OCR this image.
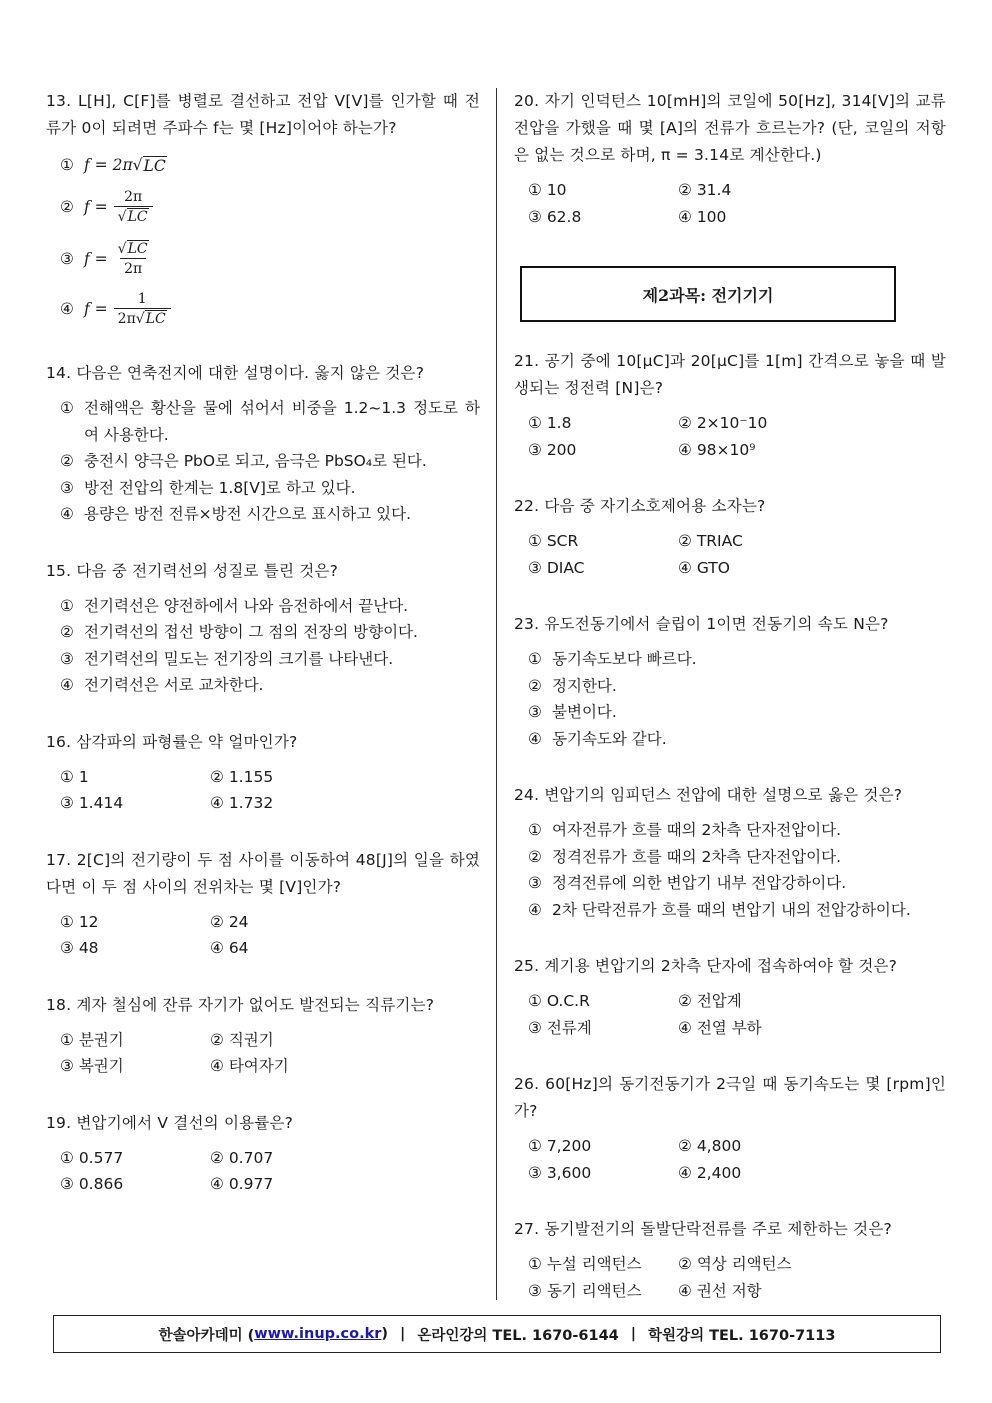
13. L[H], C[F]를 병렬로 결선하고 전압 V[V]를 인가할 때 전류가 0이 되려면 주파수 f는 몇 [Hz]이어야 하는가?
① f = 2π √ LC
② $f = \frac{2\pi}{√LC}$
③ $f = \frac{√LC}{2\pi}$
④ $f = \frac{1}{2\pi√LC}$
14. 다음은 연축전지에 대한 설명이다. 옳지 않은 것은?
① 전해액은 황산을 물에 섞어서 비중을 1.2~1.3 정도로 하여 사용한다.
② 충전시 양극은 PbO로 되고, 음극은 PbSO₄로 된다.
③ 방전 전압의 한계는 1.8[V]로 하고 있다.
④ 용량은 방전 전류×방전 시간으로 표시하고 있다.
15. 다음 중 전기력선의 성질로 틀린 것은?
① 전기력선은 양전하에서 나와 음전하에서 끝난다.
② 전기력선의 접선 방향이 그 점의 전장의 방향이다.
③ 전기력선의 밀도는 전기장의 크기를 나타낸다.
④ 전기력선은 서로 교차한다.
16. 삼각파의 파형률은 약 얼마인가?
① 1	② 1.155
③ 1.414	④ 1.732
17. 2[C]의 전기량이 두 점 사이를 이동하여 48[J]의 일을 하였다면 이 두 점 사이의 전위차는 몇 [V]인가?
① 12	② 24
③ 48	④ 64
18. 계자 철심에 잔류 자기가 없어도 발전되는 직류기는?
① 분권기	② 직권기
③ 복권기	④ 타여자기
19. 변압기에서 V 결선의 이용률은?
① 0.577	② 0.707
③ 0.866	④ 0.977
20. 자기 인덕턴스 10[mH]의 코일에 50[Hz], 314[V]의 교류 전압을 가했을 때 몇 [A]의 전류가 흐르는가? (단, 코일의 저항은 없는 것으로 하며, π = 3.14로 계산한다.)
① 10	② 31.4
③ 62.8	④ 100
제2과목: 전기기기
21. 공기 중에 10[μC]과 20[μC]를 1[m] 간격으로 놓을 때 발생되는 정전력 [N]은?
① 1.8	② 2×10⁻10
③ 200	④ 98×10⁹
22. 다음 중 자기소호제어용 소자는?
① SCR	② TRIAC
③ DIAC	④ GTO
23. 유도전동기에서 슬립이 1이면 전동기의 속도 N은?
① 동기속도보다 빠르다.
② 정지한다.
③ 불변이다.
④ 동기속도와 같다.
24. 변압기의 임피던스 전압에 대한 설명으로 옳은 것은?
① 여자전류가 흐를 때의 2차측 단자전압이다.
② 정격전류가 흐를 때의 2차측 단자전압이다.
③ 정격전류에 의한 변압기 내부 전압강하이다.
④ 2차 단락전류가 흐를 때의 변압기 내의 전압강하이다.
25. 계기용 변압기의 2차측 단자에 접속하여야 할 것은?
① O.C.R	② 전압계
③ 전류계	④ 전열 부하
26. 60[Hz]의 동기전동기가 2극일 때 동기속도는 몇 [rpm]인가?
① 7,200	② 4,800
③ 3,600	④ 2,400
27. 동기발전기의 돌발단락전류를 주로 제한하는 것은?
① 누설 리액턴스	② 역상 리액턴스
③ 동기 리액턴스	④ 권선 저항
한솔아카데미 ( www.inup.co.kr ) | 온라인강의 TEL. 1670-6144 | 학원강의 TEL. 1670-7113
